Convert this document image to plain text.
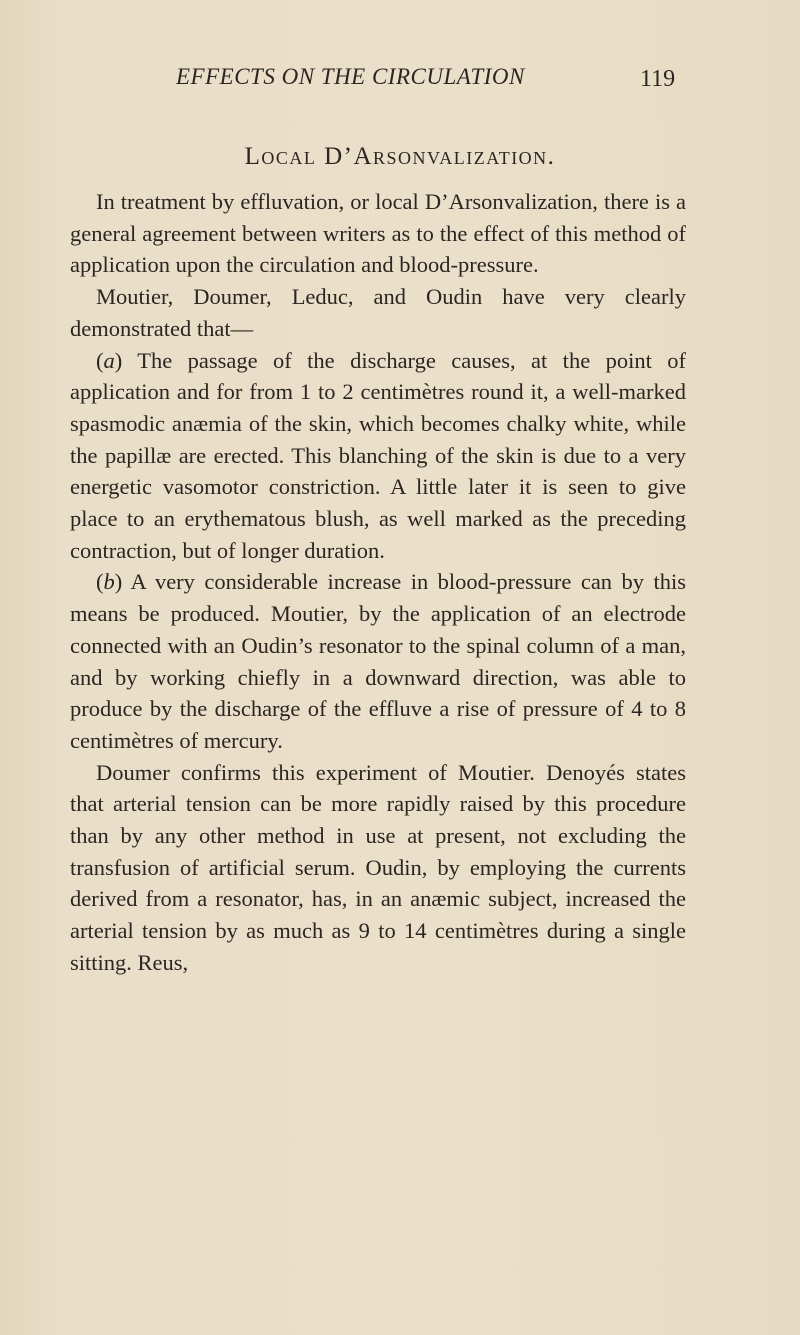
EFFECTS ON THE CIRCULATION	119
Local D’Arsonvalization.

In treatment by effluvation, or local D’Arsonvalization, there is a general agreement between writers as to the effect of this method of application upon the circulation and blood-pressure.

Moutier, Doumer, Leduc, and Oudin have very clearly demonstrated that—

(a) The passage of the discharge causes, at the point of application and for from 1 to 2 centimètres round it, a well-marked spasmodic anæmia of the skin, which becomes chalky white, while the papillæ are erected. This blanching of the skin is due to a very energetic vasomotor constriction. A little later it is seen to give place to an erythematous blush, as well marked as the preceding contraction, but of longer duration.

(b) A very considerable increase in blood-pressure can by this means be produced. Moutier, by the application of an electrode connected with an Oudin’s resonator to the spinal column of a man, and by working chiefly in a downward direction, was able to produce by the discharge of the effluve a rise of pressure of 4 to 8 centimètres of mercury.

Doumer confirms this experiment of Moutier. Denoyés states that arterial tension can be more rapidly raised by this procedure than by any other method in use at present, not excluding the transfusion of artificial serum. Oudin, by employing the currents derived from a resonator, has, in an anæmic subject, increased the arterial tension by as much as 9 to 14 centimètres during a single sitting. Reus,
